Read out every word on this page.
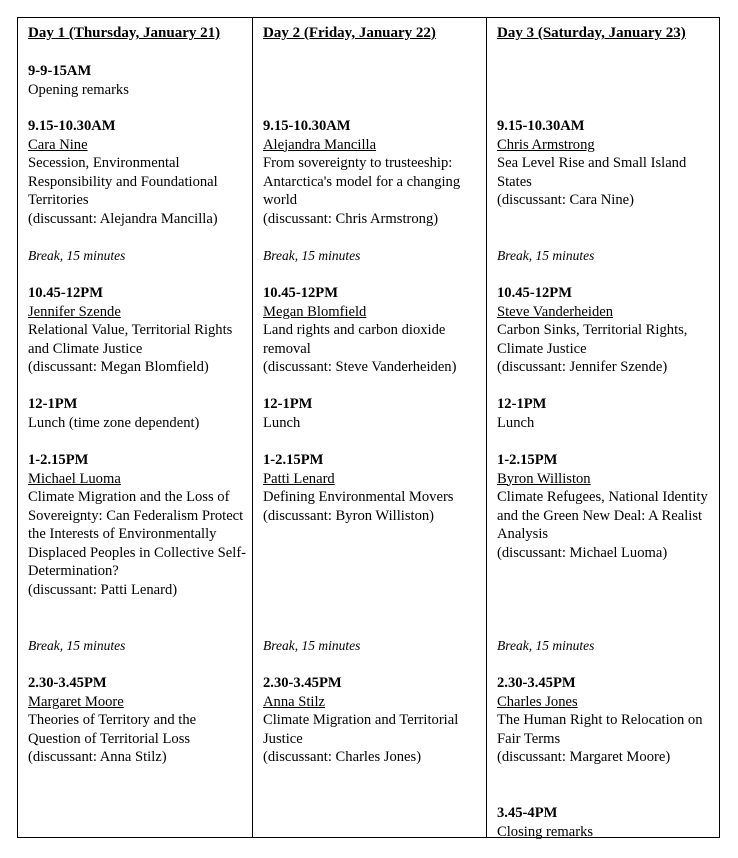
Day 1 (Thursday, January 21)
9-9-15AM
Opening remarks
9.15-10.30AM
Cara Nine
Secession, Environmental Responsibility and Foundational Territories
(discussant: Alejandra Mancilla)
Break, 15 minutes
10.45-12PM
Jennifer Szende
Relational Value, Territorial Rights and Climate Justice
(discussant: Megan Blomfield)
12-1PM
Lunch (time zone dependent)
1-2.15PM
Michael Luoma
Climate Migration and the Loss of Sovereignty: Can Federalism Protect the Interests of Environmentally Displaced Peoples in Collective Self-Determination?
(discussant: Patti Lenard)
Break, 15 minutes
2.30-3.45PM
Margaret Moore
Theories of Territory and the Question of Territorial Loss
(discussant: Anna Stilz)
Day 2 (Friday, January 22)
9.15-10.30AM
Alejandra Mancilla
From sovereignty to trusteeship: Antarctica's model for a changing world
(discussant: Chris Armstrong)
Break, 15 minutes
10.45-12PM
Megan Blomfield
Land rights and carbon dioxide removal
(discussant: Steve Vanderheiden)
12-1PM
Lunch
1-2.15PM
Patti Lenard
Defining Environmental Movers
(discussant: Byron Williston)
Break, 15 minutes
2.30-3.45PM
Anna Stilz
Climate Migration and Territorial Justice
(discussant: Charles Jones)
Day 3 (Saturday, January 23)
9.15-10.30AM
Chris Armstrong
Sea Level Rise and Small Island States
(discussant: Cara Nine)
Break, 15 minutes
10.45-12PM
Steve Vanderheiden
Carbon Sinks, Territorial Rights, Climate Justice
(discussant: Jennifer Szende)
12-1PM
Lunch
1-2.15PM
Byron Williston
Climate Refugees, National Identity and the Green New Deal: A Realist Analysis
(discussant: Michael Luoma)
Break, 15 minutes
2.30-3.45PM
Charles Jones
The Human Right to Relocation on Fair Terms
(discussant: Margaret Moore)
3.45-4PM
Closing remarks
